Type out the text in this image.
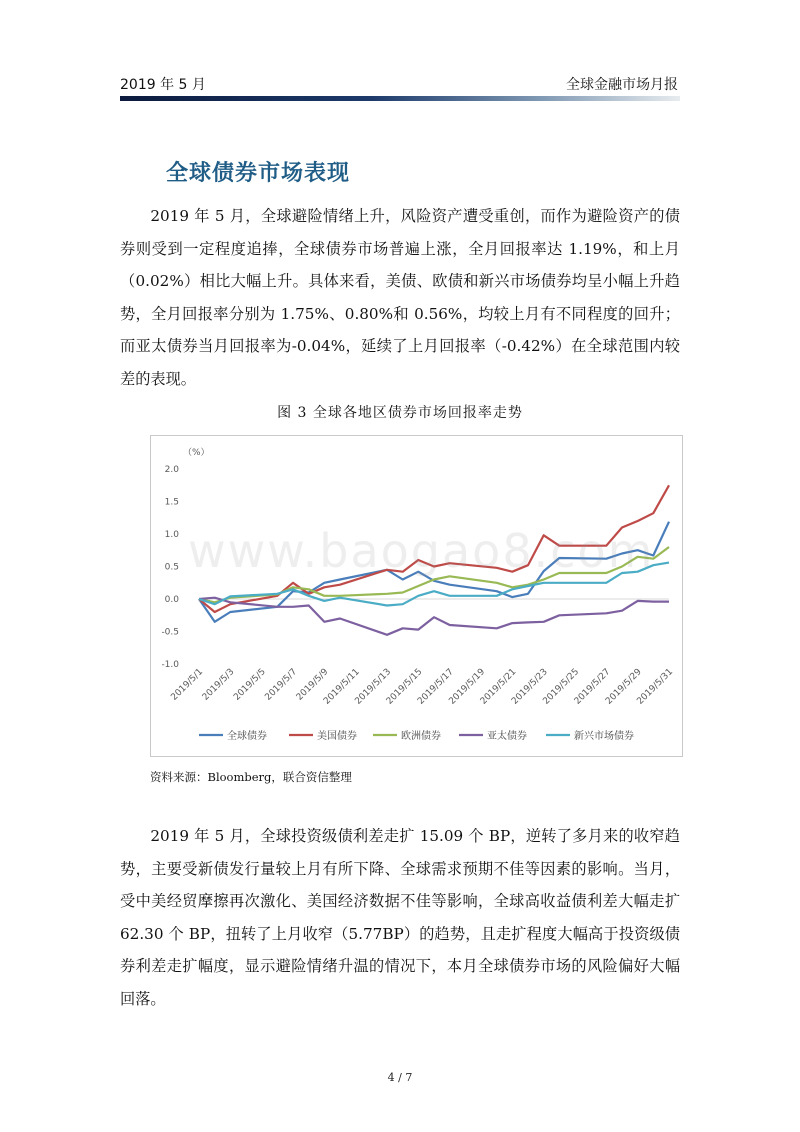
2019 年 5 月	全球金融市场月报
全球债券市场表现

2019 年 5 月，全球避险情绪上升，风险资产遭受重创，而作为避险资产的债券则受到一定程度追捧，全球债券市场普遍上涨，全月回报率达 1.19%，和上月（0.02%）相比大幅上升。具体来看，美债、欧债和新兴市场债券均呈小幅上升趋势，全月回报率分别为 1.75%、0.80%和 0.56%，均较上月有不同程度的回升；而亚太债券当月回报率为-0.04%，延续了上月回报率（-0.42%）在全球范围内较差的表现。

图 3 全球各地区债券市场回报率走势
2.0
1.5
1.0
0.5
0.0
-0.5
-1.0
2019/5/1
2019/5/3
2019/5/5
2019/5/7
2019/5/9
2019/5/11
2019/5/13
2019/5/15
2019/5/17
2019/5/19
2019/5/21
2019/5/23
2019/5/25
2019/5/27
2019/5/29
2019/5/31
全球债券	美国债券	欧洲债券	亚太债券	新兴市场债券
（%）
www.baogao8.com
资料来源：Bloomberg，联合资信整理

2019 年 5 月，全球投资级债利差走扩 15.09 个 BP，逆转了多月来的收窄趋势，主要受新债发行量较上月有所下降、全球需求预期不佳等因素的影响。当月，受中美经贸摩擦再次激化、美国经济数据不佳等影响，全球高收益债利差大幅走扩 62.30 个 BP，扭转了上月收窄（5.77BP）的趋势，且走扩程度大幅高于投资级债券利差走扩幅度，显示避险情绪升温的情况下，本月全球债券市场的风险偏好大幅回落。

4 / 7
